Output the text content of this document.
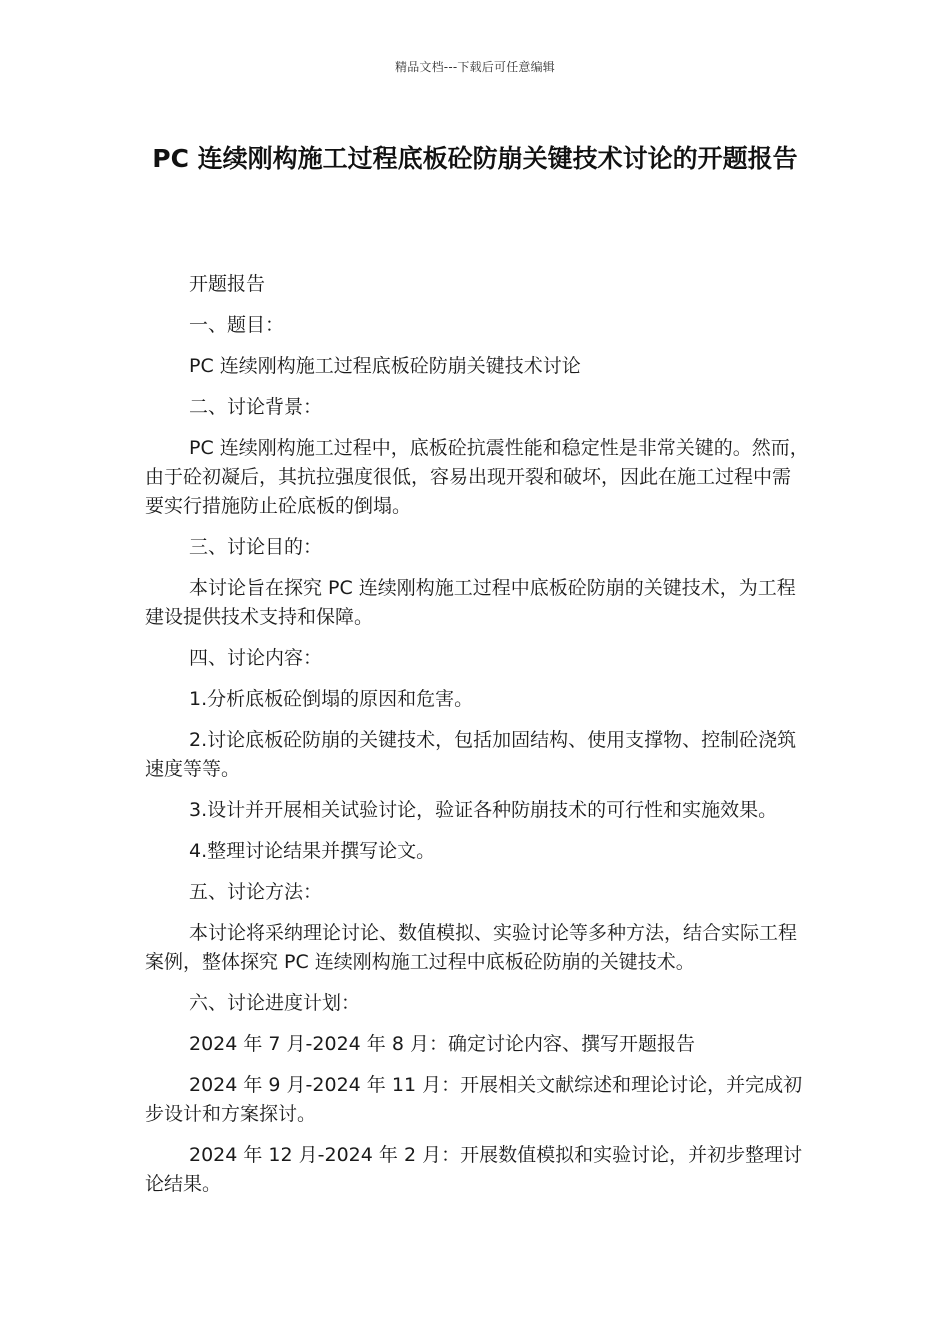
精品文档---下载后可任意编辑
PC 连续刚构施工过程底板砼防崩关键技术讨论的开题报告

开题报告

一、题目：

PC 连续刚构施工过程底板砼防崩关键技术讨论

二、讨论背景：

PC 连续刚构施工过程中，底板砼抗震性能和稳定性是非常关键的。然而，由于砼初凝后，其抗拉强度很低，容易出现开裂和破坏，因此在施工过程中需要实行措施防止砼底板的倒塌。

三、讨论目的：

本讨论旨在探究 PC 连续刚构施工过程中底板砼防崩的关键技术，为工程建设提供技术支持和保障。

四、讨论内容：

1.分析底板砼倒塌的原因和危害。

2.讨论底板砼防崩的关键技术，包括加固结构、使用支撑物、控制砼浇筑速度等等。

3.设计并开展相关试验讨论，验证各种防崩技术的可行性和实施效果。

4.整理讨论结果并撰写论文。

五、讨论方法：

本讨论将采纳理论讨论、数值模拟、实验讨论等多种方法，结合实际工程案例，整体探究 PC 连续刚构施工过程中底板砼防崩的关键技术。

六、讨论进度计划：

2024 年 7 月-2024 年 8 月：确定讨论内容、撰写开题报告

2024 年 9 月-2024 年 11 月：开展相关文献综述和理论讨论，并完成初步设计和方案探讨。

2024 年 12 月-2024 年 2 月：开展数值模拟和实验讨论，并初步整理讨论结果。
